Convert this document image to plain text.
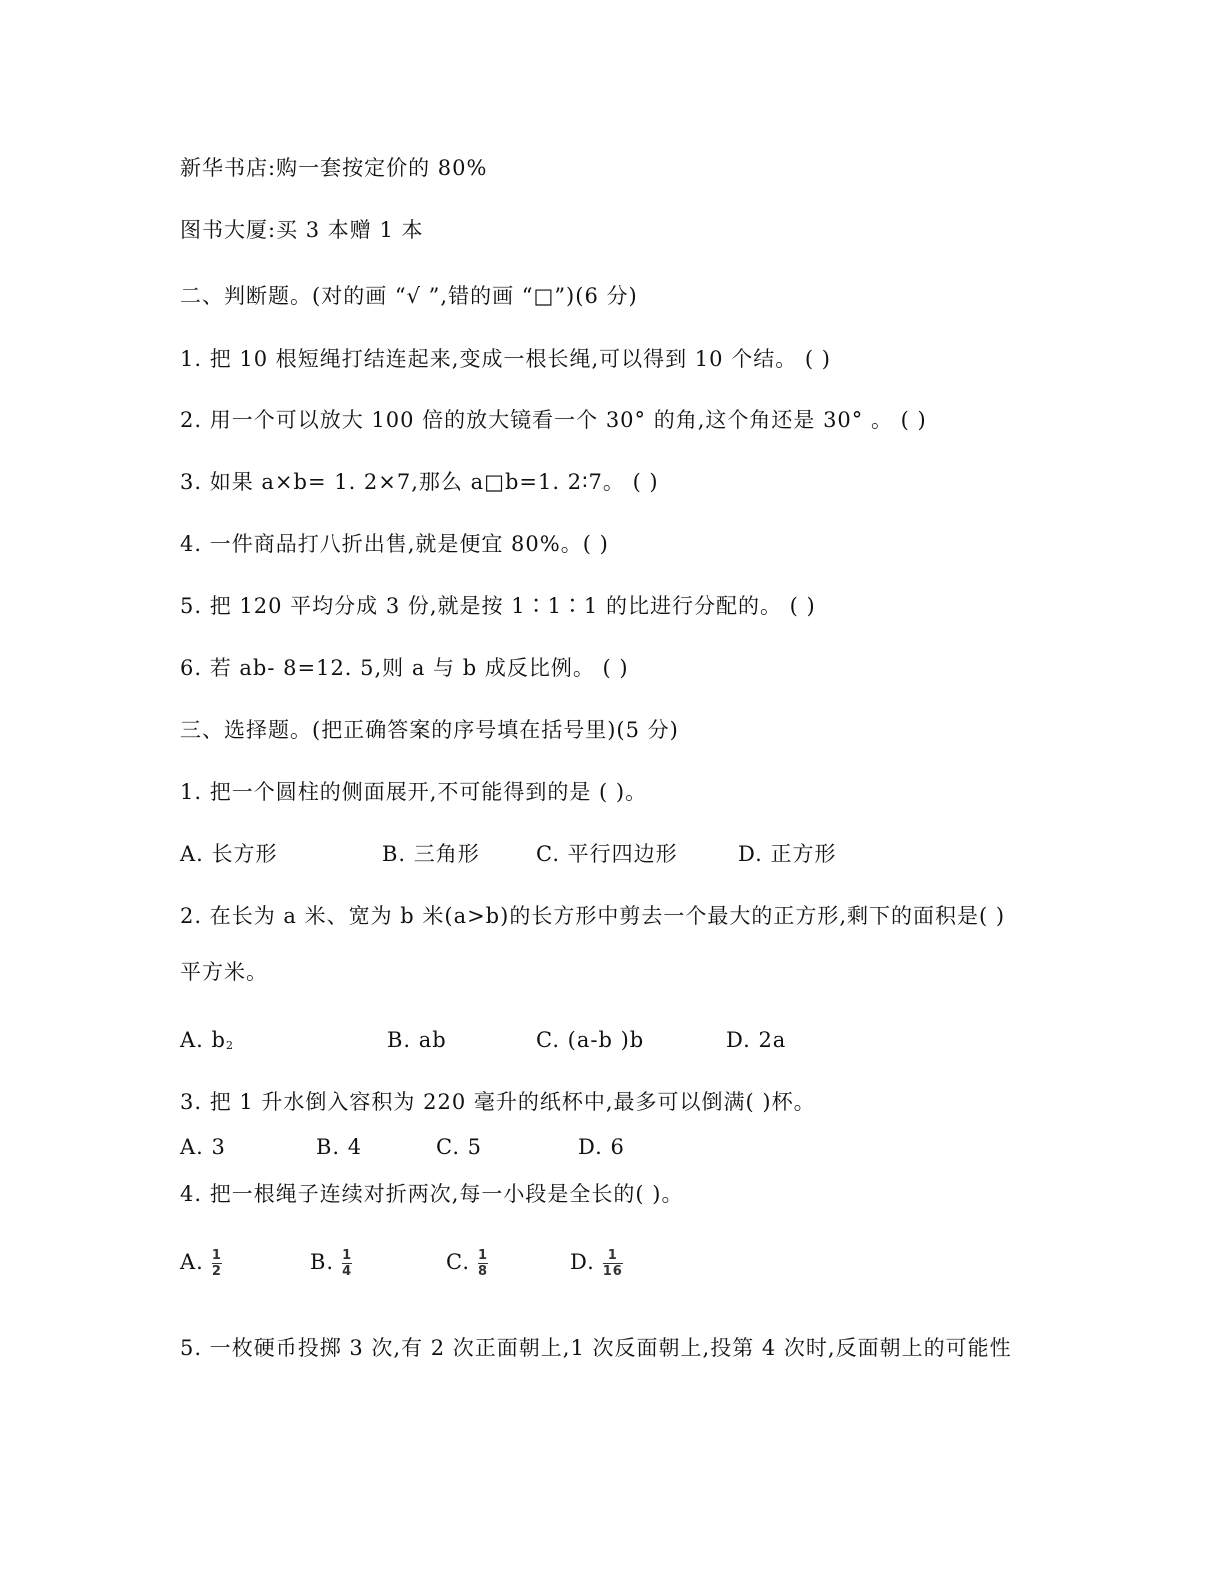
新华书店:购一套按定价的 80%
图书大厦:买 3 本赠 1 本
二、判断题。(对的画 “√ ”,错的画 “□”)(6 分)
1. 把 10 根短绳打结连起来,变成一根长绳,可以得到 10 个结。 ( )
2. 用一个可以放大 100 倍的放大镜看一个 30° 的角,这个角还是 30° 。 ( )
3. 如果 a×b= 1. 2×7,那么 a□b=1. 2∶7。 ( )
4. 一件商品打八折出售,就是便宜 80%。( )
5. 把 120 平均分成 3 份,就是按 1∶1∶1 的比进行分配的。 ( )
6. 若 ab- 8=12. 5,则 a 与 b 成反比例。 ( )
三、选择题。(把正确答案的序号填在括号里)(5 分)
1. 把一个圆柱的侧面展开,不可能得到的是 ( )。
A. 长方形	B. 三角形	C. 平行四边形	D. 正方形
2. 在长为 a 米、宽为 b 米(a>b)的长方形中剪去一个最大的正方形,剩下的面积是( )
平方米。
A. b2	B. ab	C. (a-b )b	D. 2a
3. 把 1 升水倒入容积为 220 毫升的纸杯中,最多可以倒满( )杯。
A. 3	B. 4	C. 5	D. 6
4. 把一根绳子连续对折两次,每一小段是全长的( )。
A. $\frac{1}{2}$	B. $\frac{1}{4}$	C. $\frac{1}{8}$	D. $\frac{1}{16}$
5. 一枚硬币投掷 3 次,有 2 次正面朝上,1 次反面朝上,投第 4 次时,反面朝上的可能性
